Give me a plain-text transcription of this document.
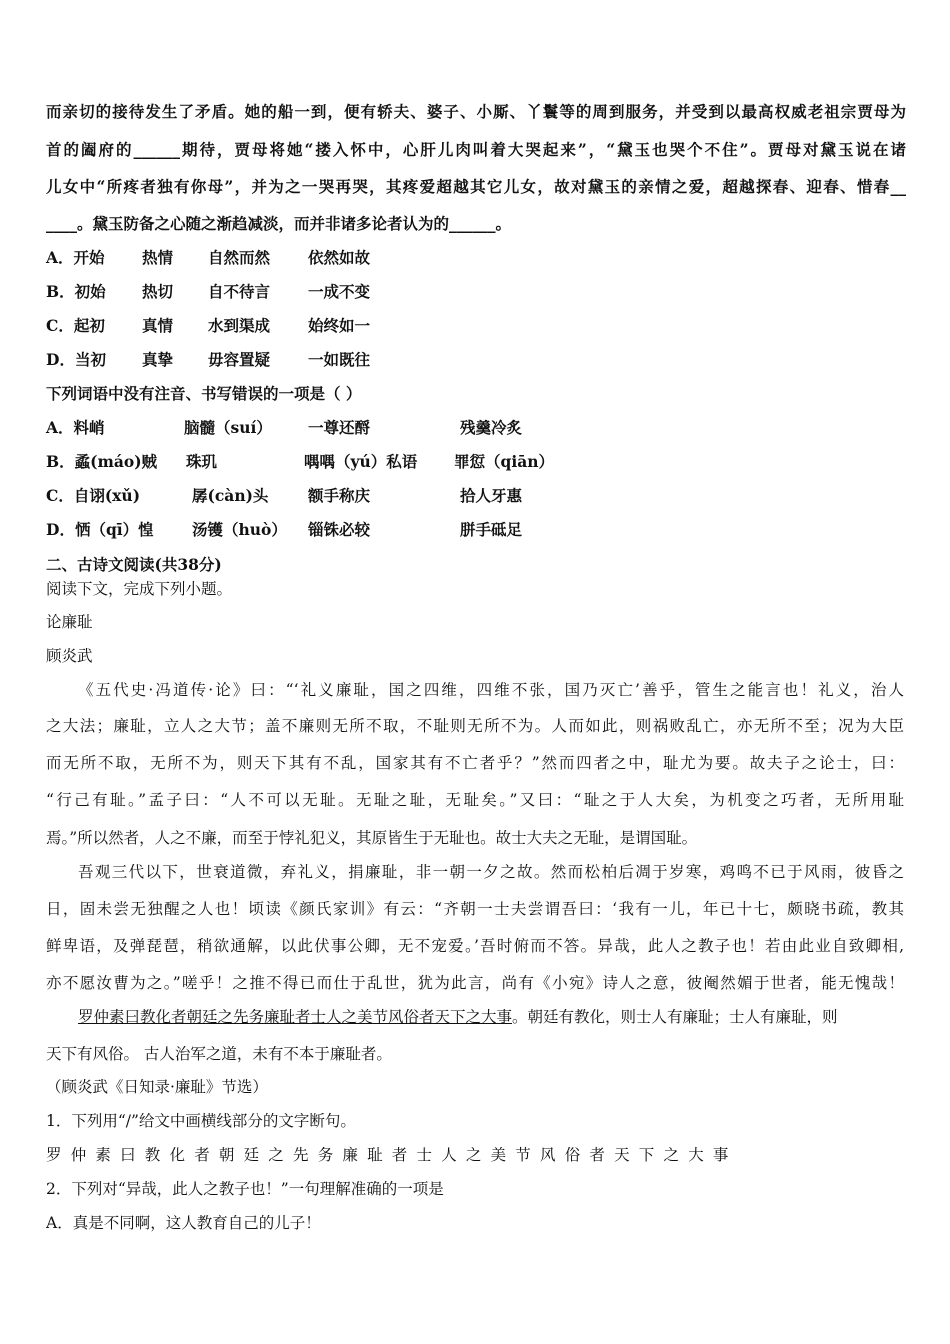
而亲切的接待发生了矛盾。她的船一到，便有轿夫、婆子、小厮、丫鬟等的周到服务，并受到以最高权威老祖宗贾母为
首的阖府的______期待，贾母将她“搂入怀中，心肝儿肉叫着大哭起来”，“黛玉也哭个不住”。贾母对黛玉说在诸
儿女中“所疼者独有你母”，并为之一哭再哭，其疼爱超越其它儿女，故对黛玉的亲情之爱，超越探春、迎春、惜春__
____。黛玉防备之心随之渐趋减淡，而并非诸多论者认为的______。
A．开始 热情 自然而然 依然如故
B．初始 热切 自不待言 一成不变
C．起初 真情 水到渠成 始终如一
D．当初 真挚 毋容置疑 一如既往
下列词语中没有注音、书写错误的一项是（ ）
A．料峭	脑髓（suí） 一尊还酹	残羹冷炙
B．蟊(máo)贼 珠玑	喁喁（yú）私语 罪愆（qiān）
C．自诩(xǔ)	孱(càn)头	额手称庆	拾人牙惠
D．恓（qī）惶 汤镬（huò） 锱铢必较	胼手砥足
二、古诗文阅读(共38分)
阅读下文，完成下列小题。
论廉耻
顾炎武
《五代史·冯道传·论》曰：“‘礼义廉耻，国之四维，四维不张，国乃灭亡’善乎，管生之能言也！礼义，治人
之大法；廉耻，立人之大节；盖不廉则无所不取，不耻则无所不为。人而如此，则祸败乱亡，亦无所不至；况为大臣
而无所不取，无所不为，则天下其有不乱，国家其有不亡者乎？”然而四者之中，耻尤为要。故夫子之论士，曰：
“行己有耻。”孟子曰：“人不可以无耻。无耻之耻，无耻矣。”又曰：“耻之于人大矣，为机变之巧者，无所用耻
焉。”所以然者，人之不廉，而至于悖礼犯义，其原皆生于无耻也。故士大夫之无耻，是谓国耻。
吾观三代以下，世衰道微，弃礼义，捐廉耻，非一朝一夕之故。然而松柏后凋于岁寒，鸡鸣不已于风雨，彼昏之
日，固未尝无独醒之人也！顷读《颜氏家训》有云：“齐朝一士夫尝谓吾曰：‘我有一儿，年已十七，颇晓书疏，教其
鲜卑语，及弹琵琶，稍欲通解，以此伏事公卿，无不宠爱。’吾时俯而不答。异哉，此人之教子也！若由此业自致卿相,
亦不愿汝曹为之。”嗟乎！之推不得已而仕于乱世，犹为此言，尚有《小宛》诗人之意，彼阉然媚于世者，能无愧哉！
罗仲素曰教化者朝廷之先务廉耻者士人之美节风俗者天下之大事。朝廷有教化，则士人有廉耻；士人有廉耻，则
天下有风俗。 古人治军之道，未有不本于廉耻者。
（顾炎武《日知录·廉耻》节选）
1．下列用“/”给文中画横线部分的文字断句。
罗仲素曰教化者朝廷之先务廉耻者士人之美节风俗者天下之大事
2．下列对“异哉，此人之教子也！”一句理解准确的一项是
A．真是不同啊，这人教育自己的儿子！
